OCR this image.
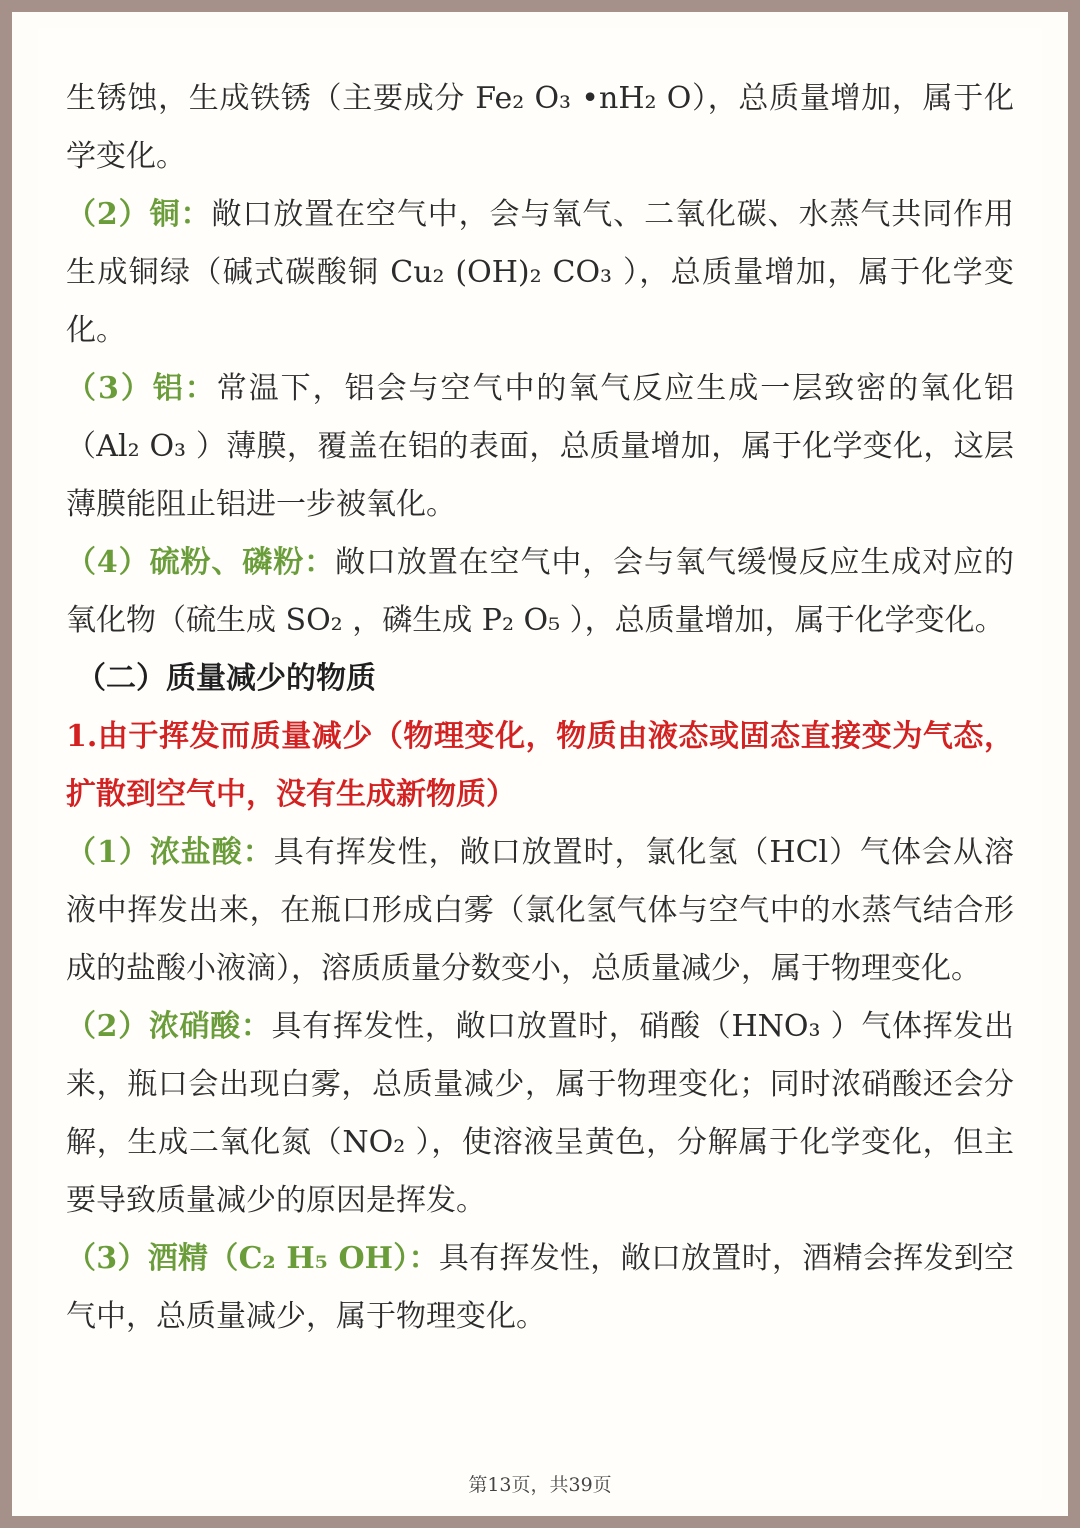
生锈蚀，生成铁锈（主要成分 Fe₂ O₃ •nH₂ O），总质量增加，属于化学变化。

（2）铜：敞口放置在空气中，会与氧气、二氧化碳、水蒸气共同作用生成铜绿（碱式碳酸铜 Cu₂ (OH)₂ CO₃ ），总质量增加，属于化学变化。

（3）铝：常温下，铝会与空气中的氧气反应生成一层致密的氧化铝（Al₂ O₃ ）薄膜，覆盖在铝的表面，总质量增加，属于化学变化，这层薄膜能阻止铝进一步被氧化。

（4）硫粉、磷粉：敞口放置在空气中，会与氧气缓慢反应生成对应的氧化物（硫生成 SO₂ ，磷生成 P₂ O₅ ），总质量增加，属于化学变化。

（二）质量减少的物质

1.由于挥发而质量减少（物理变化，物质由液态或固态直接变为气态，扩散到空气中，没有生成新物质）

（1）浓盐酸：具有挥发性，敞口放置时，氯化氢（HCl）气体会从溶液中挥发出来，在瓶口形成白雾（氯化氢气体与空气中的水蒸气结合形成的盐酸小液滴），溶质质量分数变小，总质量减少，属于物理变化。

（2）浓硝酸：具有挥发性，敞口放置时，硝酸（HNO₃ ）气体挥发出来，瓶口会出现白雾，总质量减少，属于物理变化；同时浓硝酸还会分解，生成二氧化氮（NO₂ ），使溶液呈黄色，分解属于化学变化，但主要导致质量减少的原因是挥发。

（3）酒精（C₂ H₅ OH）：具有挥发性，敞口放置时，酒精会挥发到空气中，总质量减少，属于物理变化。

第13页，共39页
